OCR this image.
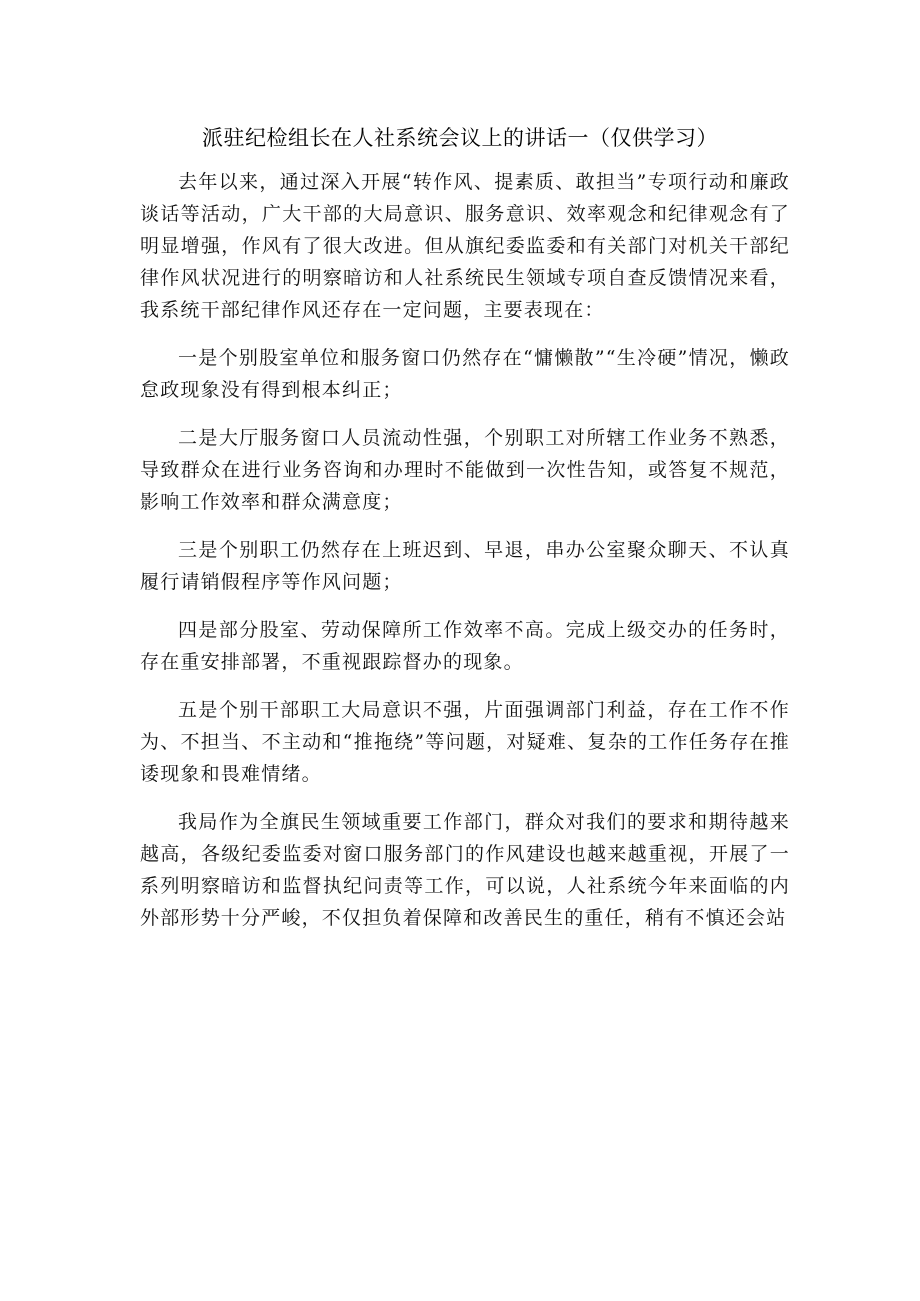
派驻纪检组长在人社系统会议上的讲话一（仅供学习）

去年以来，通过深入开展“转作风、提素质、敢担当”专项行动和廉政谈话等活动，广大干部的大局意识、服务意识、效率观念和纪律观念有了明显增强，作风有了很大改进。但从旗纪委监委和有关部门对机关干部纪律作风状况进行的明察暗访和人社系统民生领域专项自查反馈情况来看，我系统干部纪律作风还存在一定问题，主要表现在：

一是个别股室单位和服务窗口仍然存在“慵懒散”“生冷硬”情况，懒政怠政现象没有得到根本纠正；

二是大厅服务窗口人员流动性强，个别职工对所辖工作业务不熟悉，导致群众在进行业务咨询和办理时不能做到一次性告知，或答复不规范，影响工作效率和群众满意度；

三是个别职工仍然存在上班迟到、早退，串办公室聚众聊天、不认真履行请销假程序等作风问题；

四是部分股室、劳动保障所工作效率不高。完成上级交办的任务时，存在重安排部署，不重视跟踪督办的现象。

五是个别干部职工大局意识不强，片面强调部门利益，存在工作不作为、不担当、不主动和“推拖绕”等问题，对疑难、复杂的工作任务存在推诿现象和畏难情绪。

我局作为全旗民生领域重要工作部门，群众对我们的要求和期待越来越高，各级纪委监委对窗口服务部门的作风建设也越来越重视，开展了一系列明察暗访和监督执纪问责等工作，可以说，人社系统今年来面临的内外部形势十分严峻，不仅担负着保障和改善民生的重任，稍有不慎还会站
